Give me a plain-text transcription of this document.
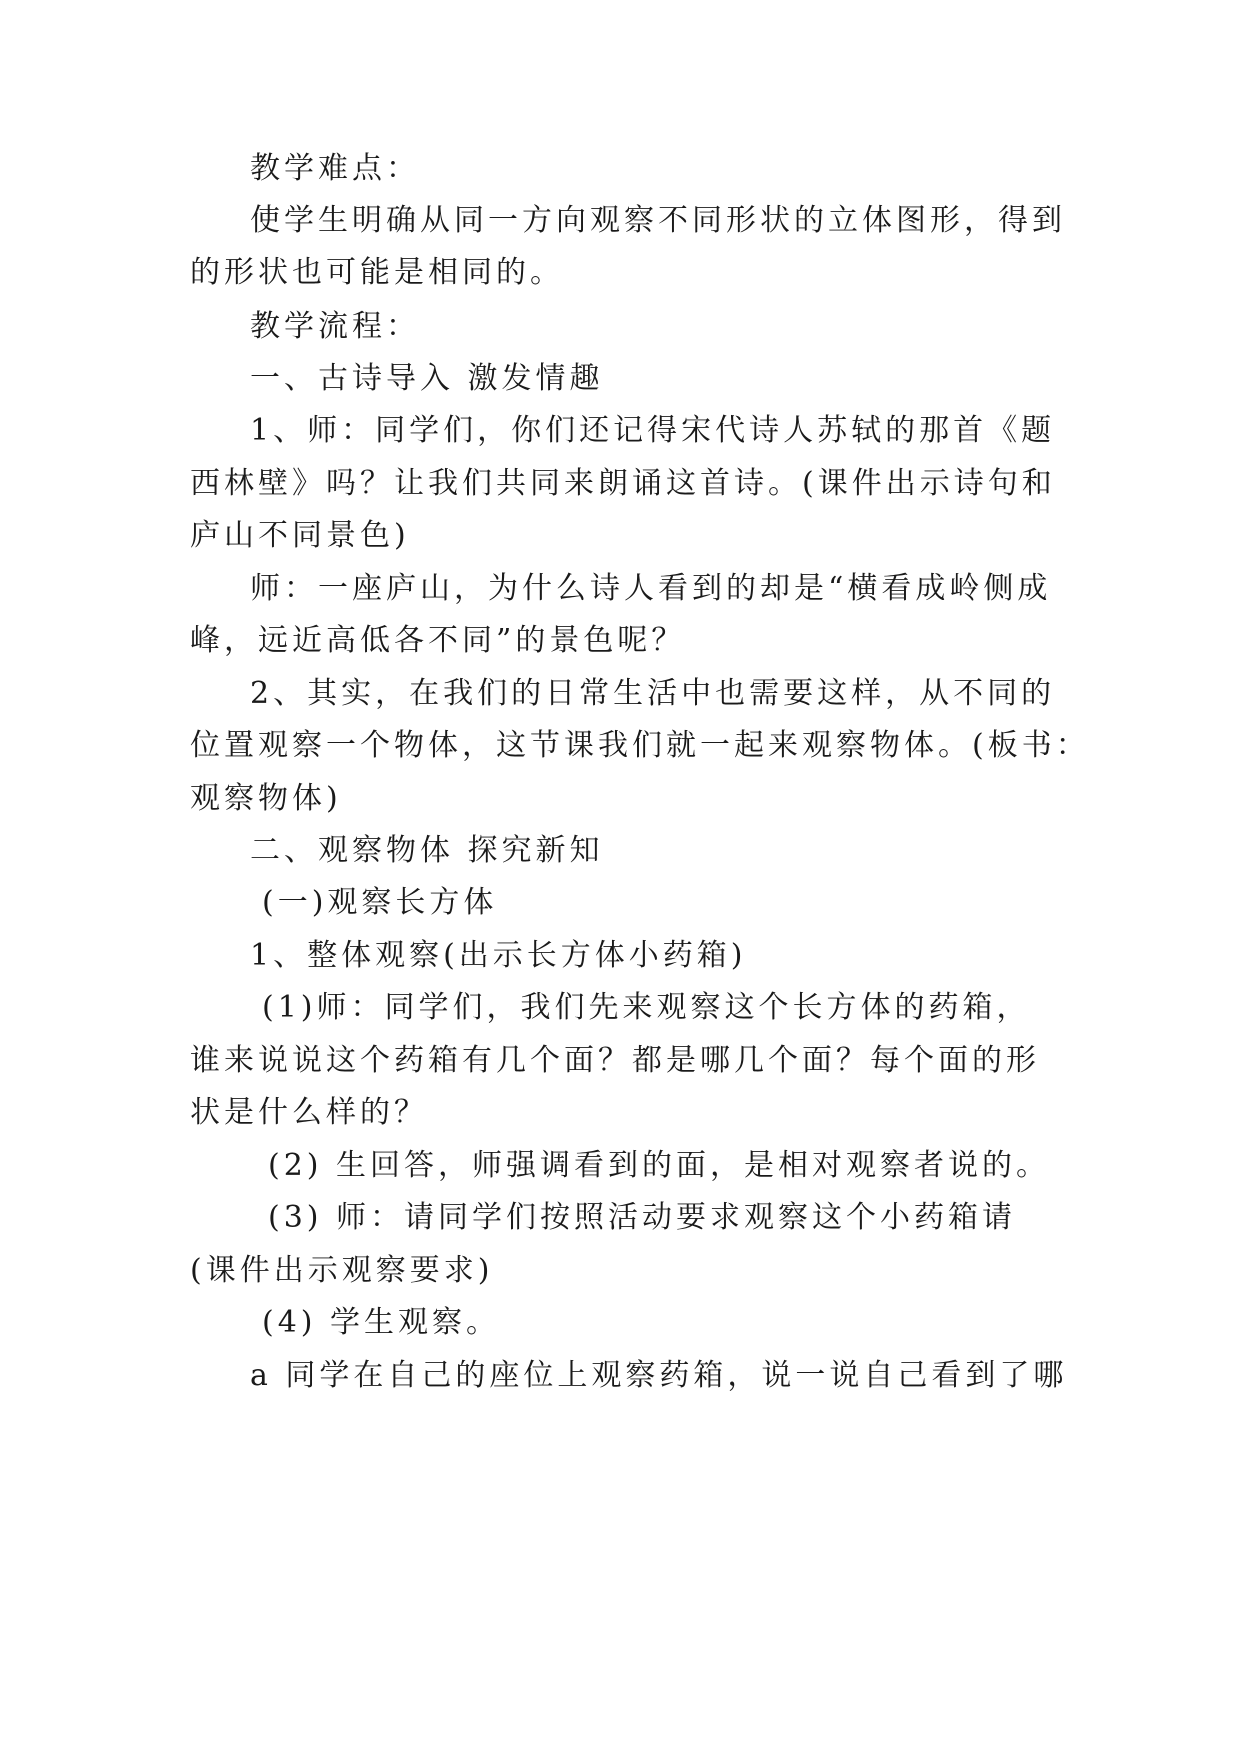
教学难点：

使学生明确从同一方向观察不同形状的立体图形，得到

的形状也可能是相同的。

教学流程：

一、古诗导入 激发情趣

1、师：同学们，你们还记得宋代诗人苏轼的那首《题

西林壁》吗？让我们共同来朗诵这首诗。(课件出示诗句和

庐山不同景色)

师：一座庐山，为什么诗人看到的却是“横看成岭侧成

峰，远近高低各不同”的景色呢？

2、其实，在我们的日常生活中也需要这样，从不同的

位置观察一个物体，这节课我们就一起来观察物体。(板书：

观察物体)

二、观察物体 探究新知

(一)观察长方体

1、整体观察(出示长方体小药箱)

(1)师：同学们，我们先来观察这个长方体的药箱，

谁来说说这个药箱有几个面？都是哪几个面？每个面的形

状是什么样的？

(2) 生回答，师强调看到的面，是相对观察者说的。

(3) 师：请同学们按照活动要求观察这个小药箱请

(课件出示观察要求)

(4) 学生观察。

a 同学在自己的座位上观察药箱，说一说自己看到了哪
